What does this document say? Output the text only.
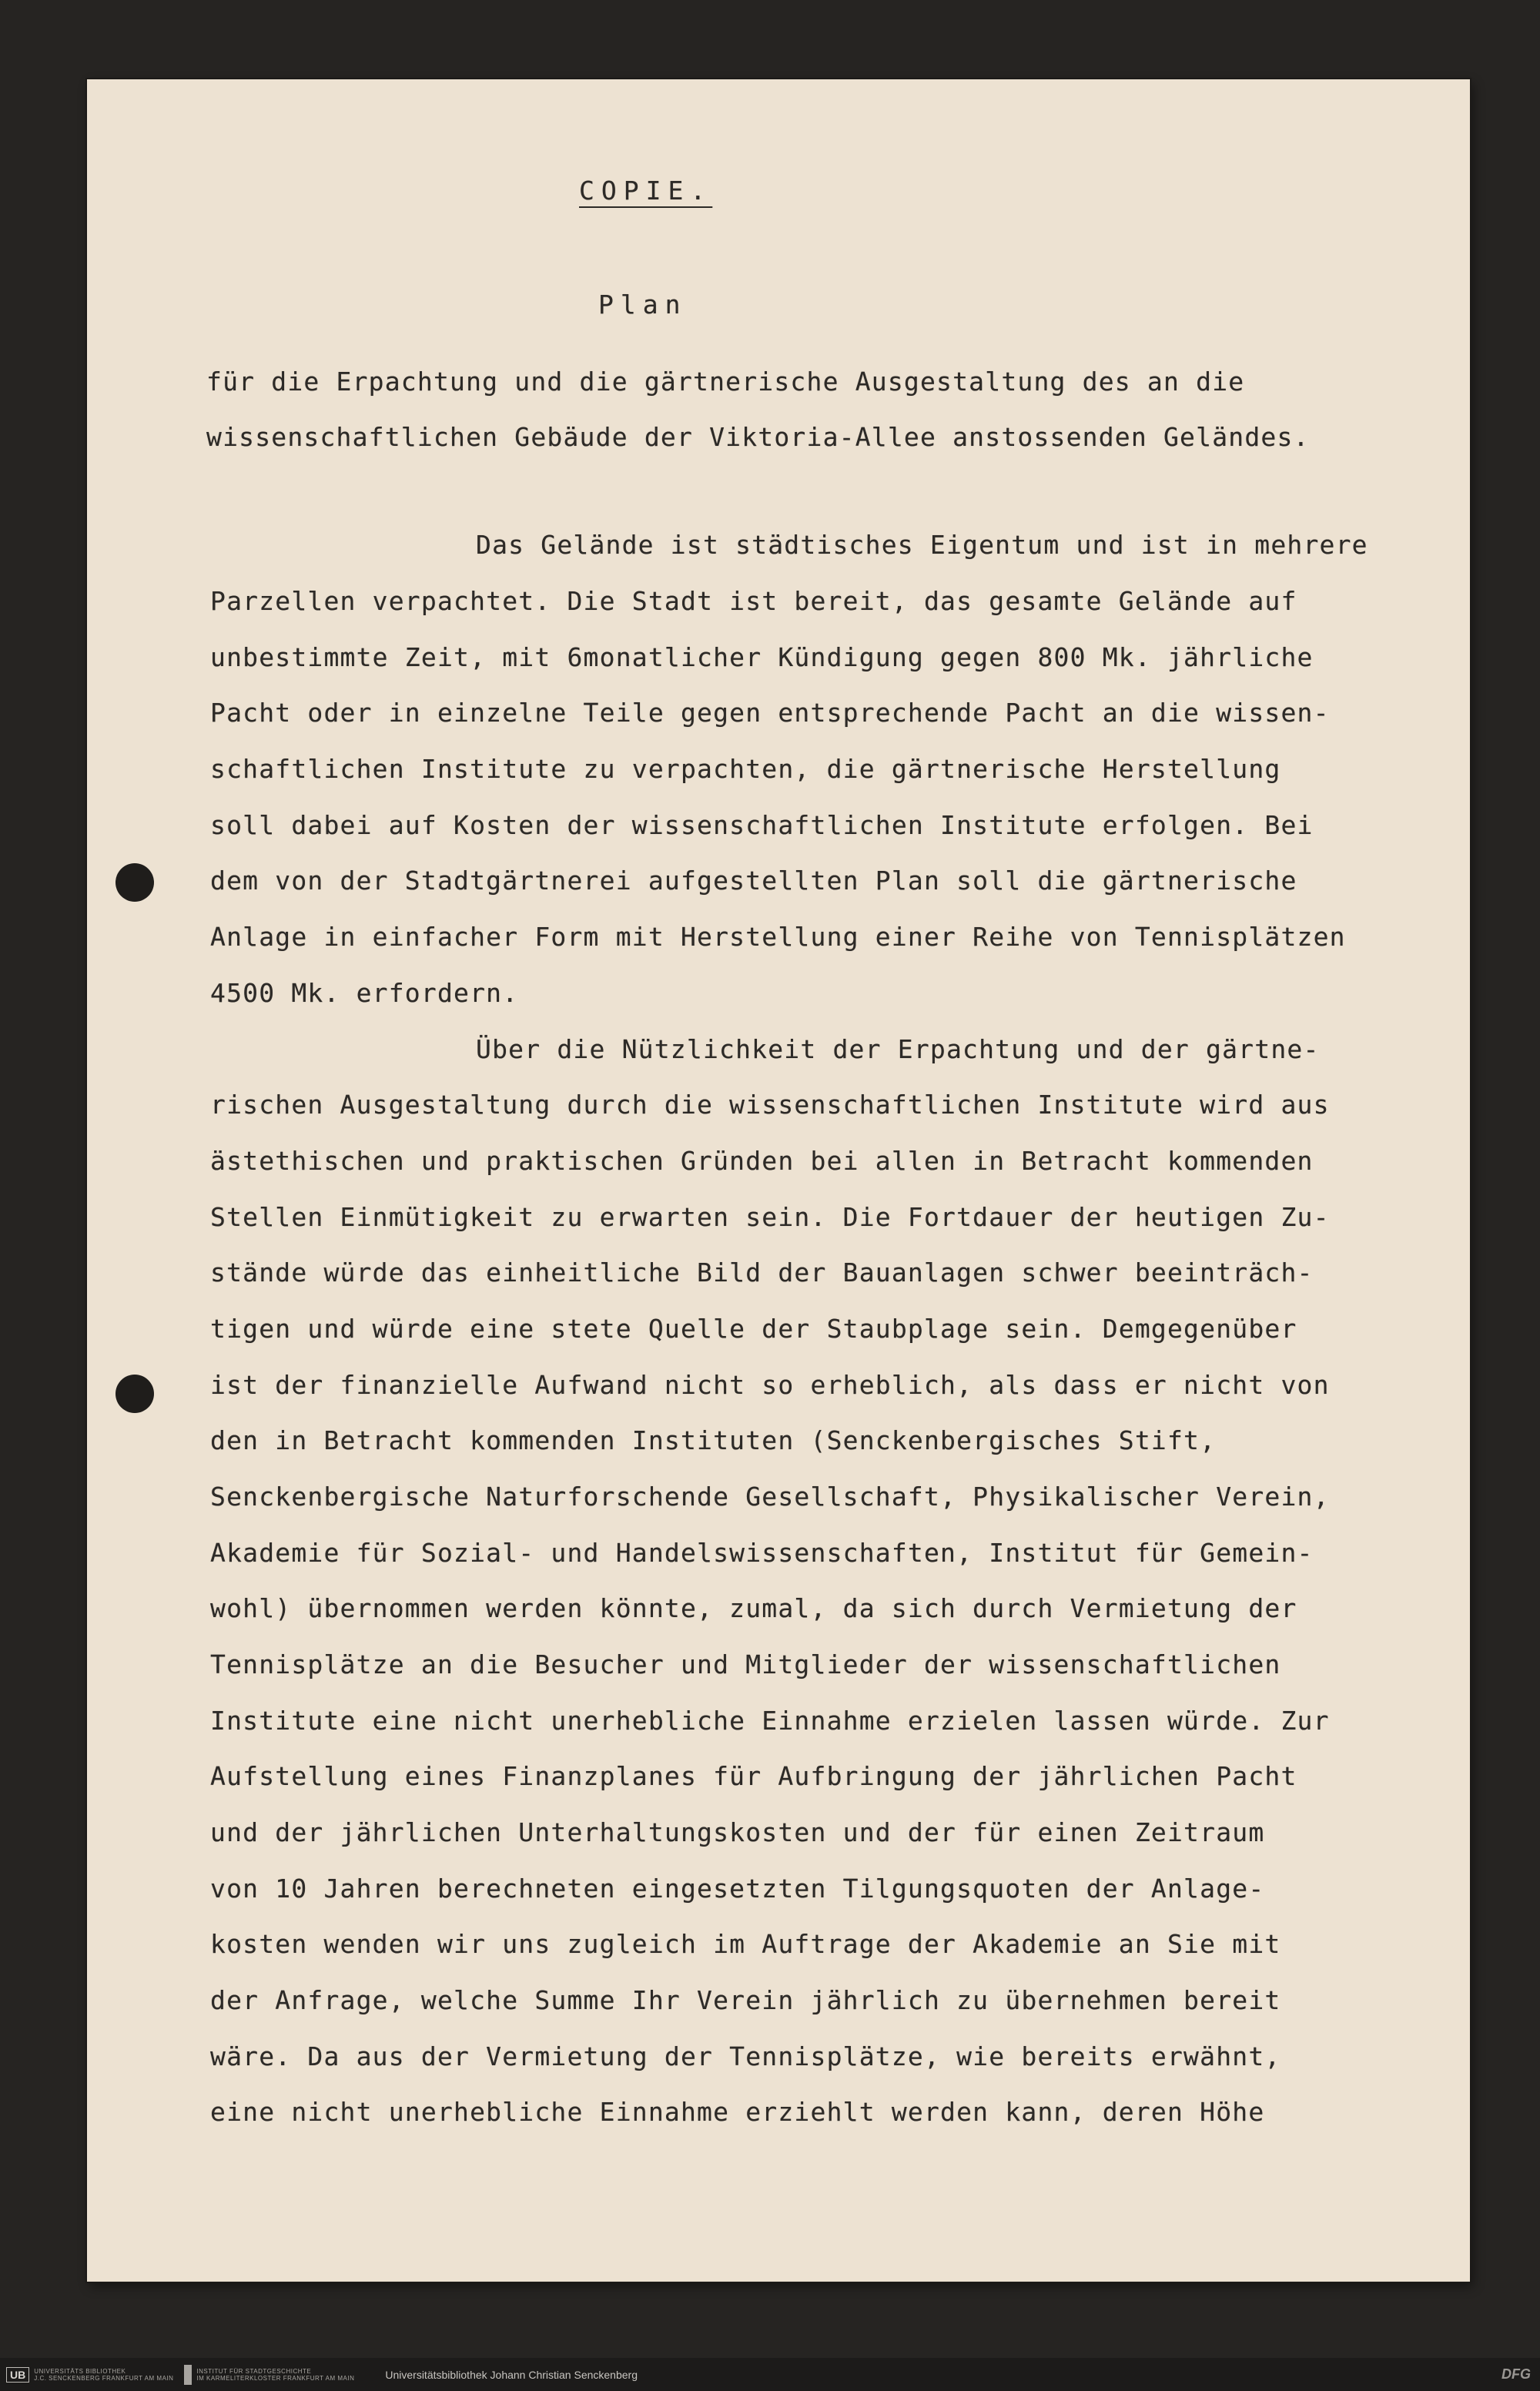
COPIE.
Plan
für die Erpachtung und die gärtnerische Ausgestaltung des an die
wissenschaftlichen Gebäude der Viktoria-Allee anstossenden Geländes.
Das Gelände ist städtisches Eigentum und ist in mehrere
Parzellen verpachtet. Die Stadt ist bereit, das gesamte Gelände auf
unbestimmte Zeit, mit 6monatlicher Kündigung gegen 800 Mk. jährliche
Pacht oder in einzelne Teile gegen entsprechende Pacht an die wissen-
schaftlichen Institute zu verpachten, die gärtnerische Herstellung
soll dabei auf Kosten der wissenschaftlichen Institute erfolgen. Bei
dem von der Stadtgärtnerei aufgestellten Plan soll die gärtnerische
Anlage in einfacher Form mit Herstellung einer Reihe von Tennisplätzen
4500 Mk. erfordern.
Über die Nützlichkeit der Erpachtung und der gärtne-
rischen Ausgestaltung durch die wissenschaftlichen Institute wird aus
ästethischen und praktischen Gründen bei allen in Betracht kommenden
Stellen Einmütigkeit zu erwarten sein. Die Fortdauer der heutigen Zu-
stände würde das einheitliche Bild der Bauanlagen schwer beeinträch-
tigen und würde eine stete Quelle der Staubplage sein. Demgegenüber
ist der finanzielle Aufwand nicht so erheblich, als dass er nicht von
den in Betracht kommenden Instituten (Senckenbergisches Stift,
Senckenbergische Naturforschende Gesellschaft, Physikalischer Verein,
Akademie für Sozial- und Handelswissenschaften, Institut für Gemein-
wohl) übernommen werden könnte, zumal, da sich durch Vermietung der
Tennisplätze an die Besucher und Mitglieder der wissenschaftlichen
Institute eine nicht unerhebliche Einnahme erzielen lassen würde. Zur
Aufstellung eines Finanzplanes für Aufbringung der jährlichen Pacht
und der jährlichen Unterhaltungskosten und der für einen Zeitraum
von 10 Jahren berechneten eingesetzten Tilgungsquoten der Anlage-
kosten wenden wir uns zugleich im Auftrage der Akademie an Sie mit
der Anfrage, welche Summe Ihr Verein jährlich zu übernehmen bereit
wäre. Da aus der Vermietung der Tennisplätze, wie bereits erwähnt,
eine nicht unerhebliche Einnahme erziehlt werden kann, deren Höhe
UB	UNIVERSITÄTS BIBLIOTHEK
J.C. SENCKENBERG FRANKFURT AM MAIN
INSTITUT FÜR STADTGESCHICHTE
IM KARMELITERKLOSTER FRANKFURT AM MAIN	Universitätsbibliothek Johann Christian Senckenberg	DFG
